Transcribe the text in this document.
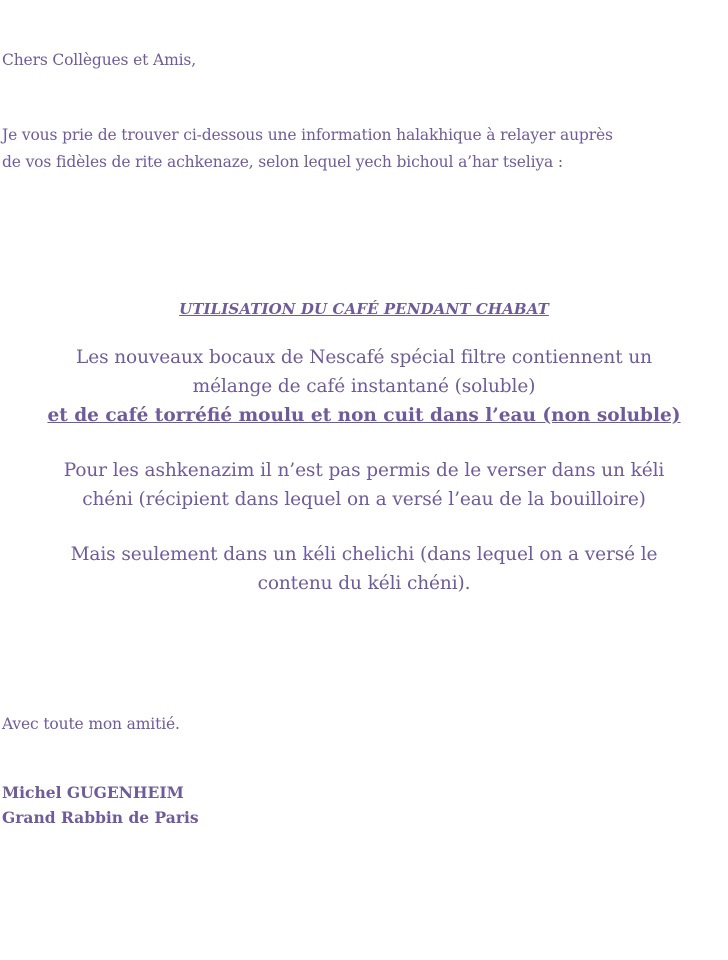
Chers Collègues et Amis,
Je vous prie de trouver ci-dessous une information halakhique à relayer auprès
de vos fidèles de rite achkenaze, selon lequel yech bichoul a’har tseliya :
UTILISATION DU CAFÉ PENDANT CHABAT
Les nouveaux bocaux de Nescafé spécial filtre contiennent un
mélange de café instantané (soluble)
et de café torréfié moulu et non cuit dans l’eau (non soluble)
Pour les ashkenazim il n’est pas permis de le verser dans un kéli
chéni (récipient dans lequel on a versé l’eau de la bouilloire)
Mais seulement dans un kéli chelichi (dans lequel on a versé le
contenu du kéli chéni).
Avec toute mon amitié.
Michel GUGENHEIM
Grand Rabbin de Paris
